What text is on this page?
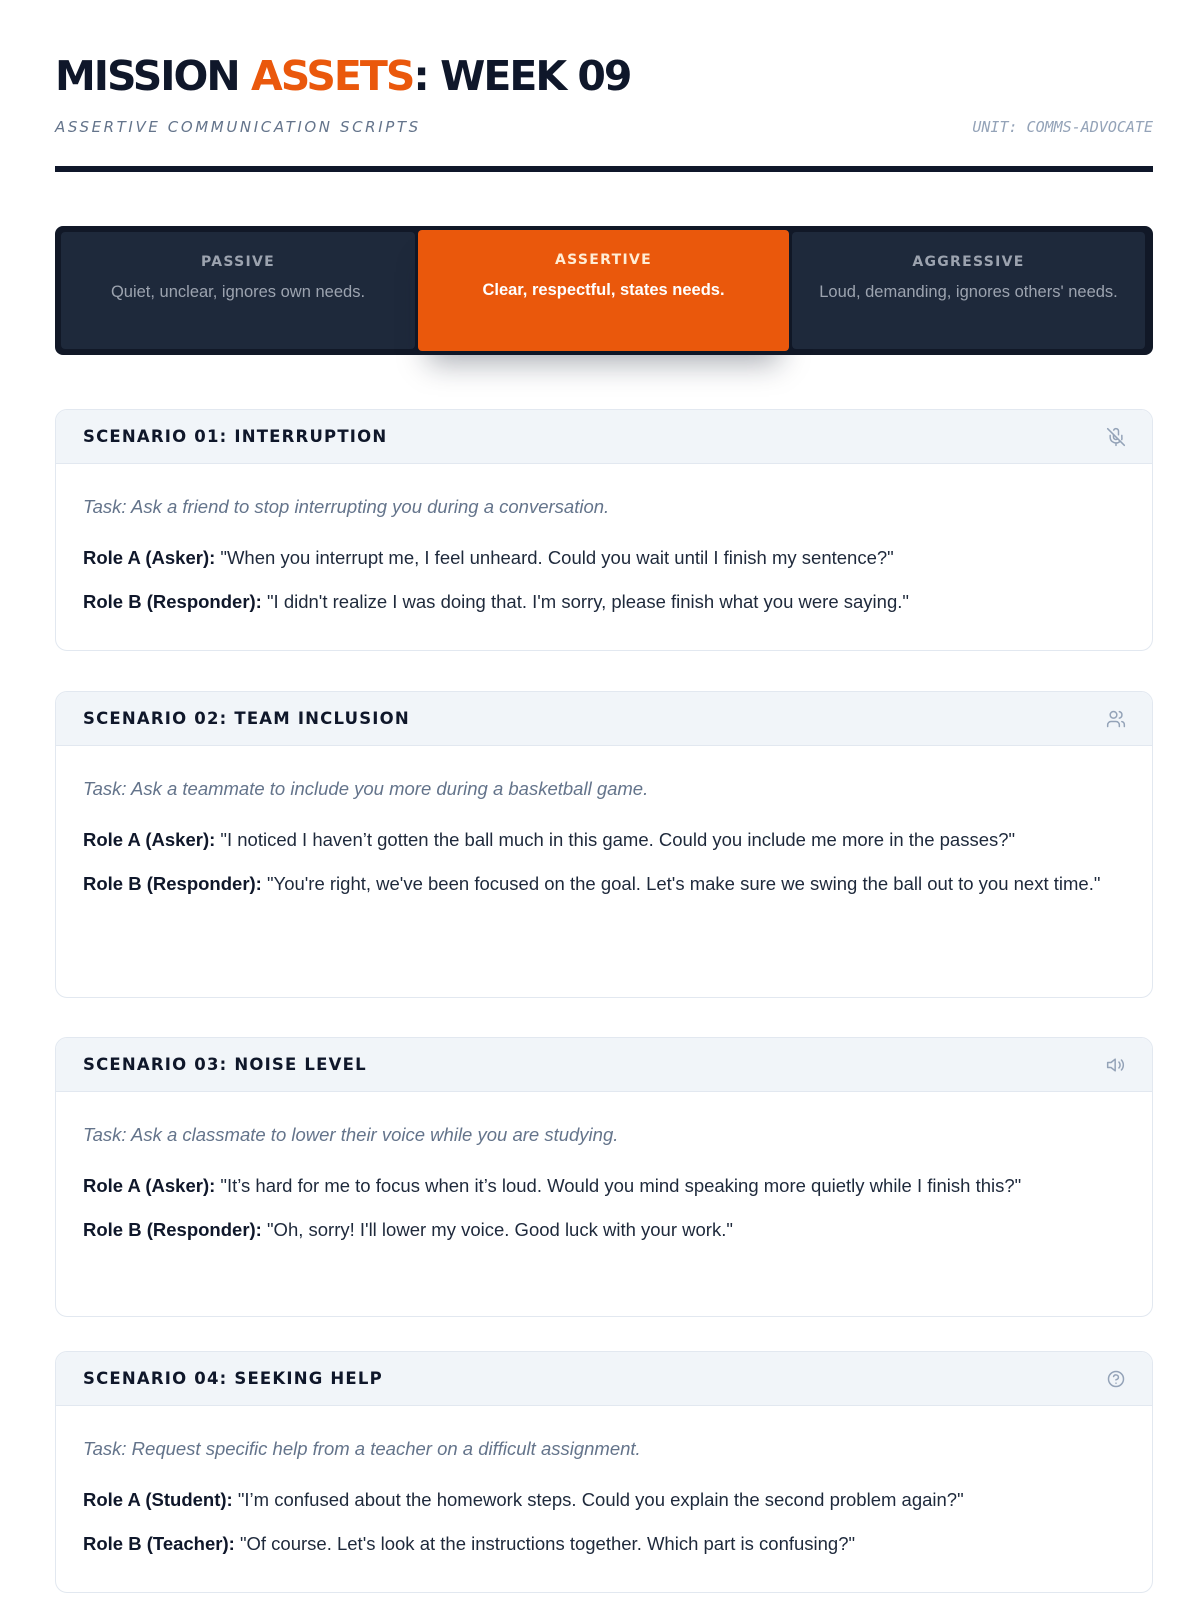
MISSION ASSETS: WEEK 09
ASSERTIVE COMMUNICATION SCRIPTS	UNIT: COMMS-ADVOCATE
PASSIVE
Quiet, unclear, ignores own needs.
ASSERTIVE
Clear, respectful, states needs.
AGGRESSIVE
Loud, demanding, ignores others' needs.
SCENARIO 01: INTERRUPTION

Task: Ask a friend to stop interrupting you during a conversation.

Role A (Asker): "When you interrupt me, I feel unheard. Could you wait until I finish my sentence?"

Role B (Responder): "I didn't realize I was doing that. I'm sorry, please finish what you were saying."

SCENARIO 02: TEAM INCLUSION

Task: Ask a teammate to include you more during a basketball game.

Role A (Asker): "I noticed I haven’t gotten the ball much in this game. Could you include me more in the passes?"

Role B (Responder): "You're right, we've been focused on the goal. Let's make sure we swing the ball out to you next time."

SCENARIO 03: NOISE LEVEL

Task: Ask a classmate to lower their voice while you are studying.

Role A (Asker): "It’s hard for me to focus when it’s loud. Would you mind speaking more quietly while I finish this?"

Role B (Responder): "Oh, sorry! I'll lower my voice. Good luck with your work."

SCENARIO 04: SEEKING HELP

Task: Request specific help from a teacher on a difficult assignment.

Role A (Student): "I’m confused about the homework steps. Could you explain the second problem again?"

Role B (Teacher): "Of course. Let's look at the instructions together. Which part is confusing?"
